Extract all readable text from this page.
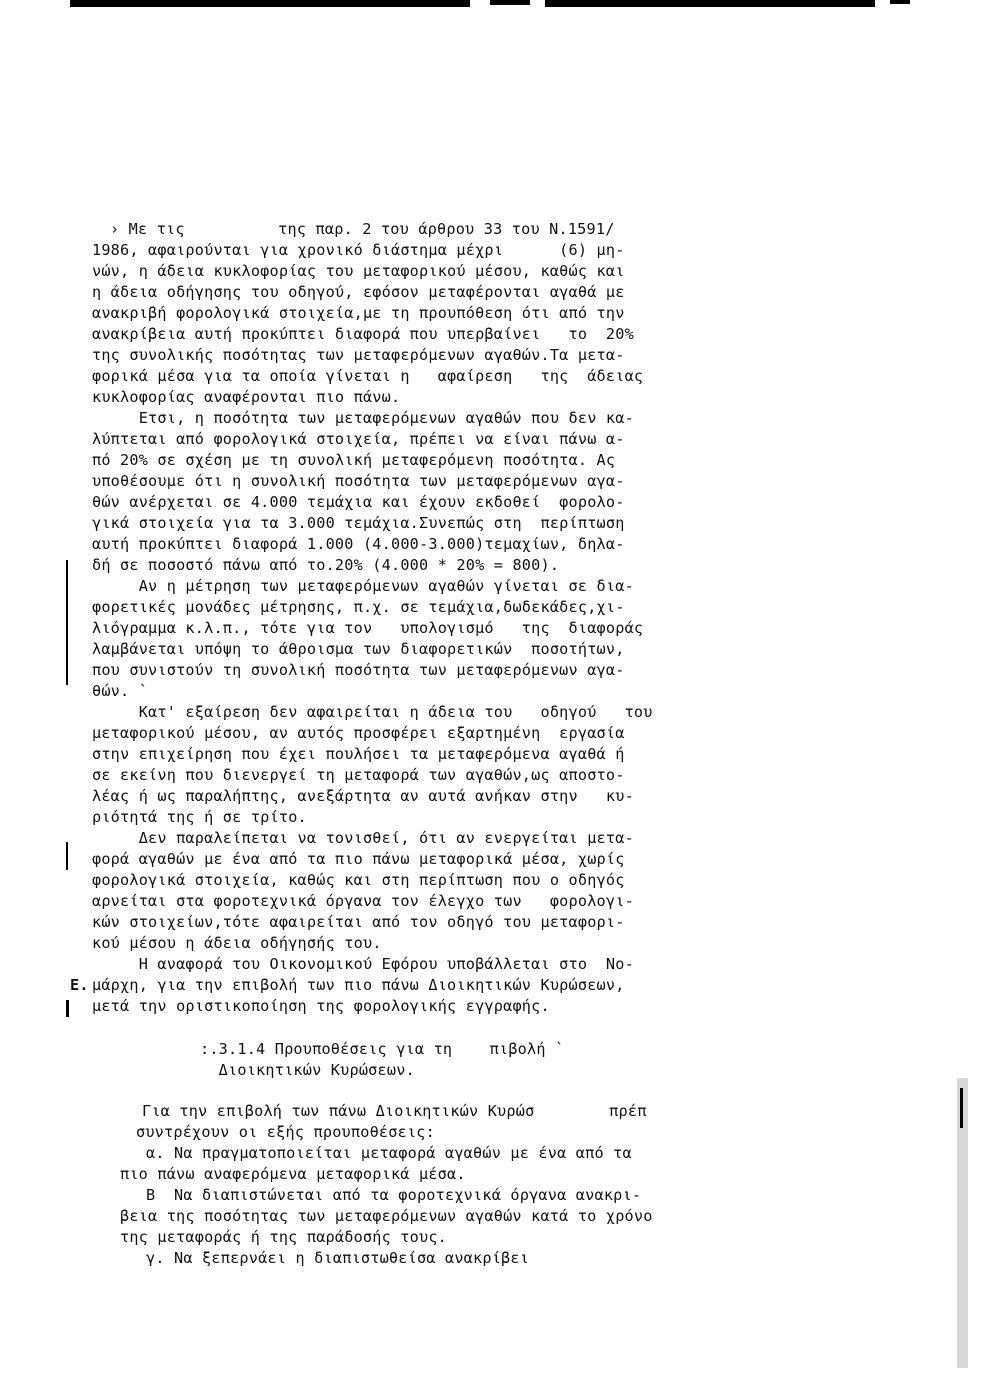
› Με τις          της παρ. 2 του άρθρου 33 του Ν.1591/

1986, αφαιρούνται για χρονικό διάστημα μέχρι      (6) μη-

νών, η άδεια κυκλοφορίας του μεταφορικού μέσου, καθώς και

η άδεια οδήγησης του οδηγού, εφόσον μεταφέρονται αγαθά με

ανακριβή φορολογικά στοιχεία,με τη προυπόθεση ότι από την

ανακρίβεια αυτή προκύπτει διαφορά που υπερβαίνει   το  20%

της συνολικής ποσότητας των μεταφερόμενων αγαθών.Τα μετα-

φορικά μέσα για τα οποία γίνεται η   αφαίρεση   της  άδειας

κυκλοφορίας αναφέρονται πιο πάνω.

Ετσι, η ποσότητα των μεταφερόμενων αγαθών που δεν κα-

λύπτεται από φορολογικά στοιχεία, πρέπει να είναι πάνω α-

πό 20% σε σχέση με τη συνολική μεταφερόμενη ποσότητα. Ας

υποθέσουμε ότι η συνολική ποσότητα των μεταφερόμενων αγα-

θών ανέρχεται σε 4.000 τεμάχια και έχουν εκδοθεί  φορολο-

γικά στοιχεία για τα 3.000 τεμάχια.Συνεπώς στη  περίπτωση

αυτή προκύπτει διαφορά 1.000 (4.000-3.000)τεμαχίων, δηλα-

δή σε ποσοστό πάνω από το.20% (4.000 * 20% = 800).

Αν η μέτρηση των μεταφερόμενων αγαθών γίνεται σε δια-

φορετικές μονάδες μέτρησης, π.χ. σε τεμάχια,δωδεκάδες,χι-

λιόγραμμα κ.λ.π., τότε για τον   υπολογισμό   της  διαφοράς

λαμβάνεται υπόψη το άθροισμα των διαφορετικών  ποσοτήτων,

που συνιστούν τη συνολική ποσότητα των μεταφερόμενων αγα-

θών. `

Κατ' εξαίρεση δεν αφαιρείται η άδεια του   οδηγού   του

μεταφορικού μέσου, αν αυτός προσφέρει εξαρτημένη  εργασία

στην επιχείρηση που έχει πουλήσει τα μεταφερόμενα αγαθά ή

σε εκείνη που διενεργεί τη μεταφορά των αγαθών,ως αποστο-

λέας ή ως παραλήπτης, ανεξάρτητα αν αυτά ανήκαν στην   κυ-

ριότητά της ή σε τρίτο.

Δεν παραλείπεται να τονισθεί, ότι αν ενεργείται μετα-

φορά αγαθών με ένα από τα πιο πάνω μεταφορικά μέσα, χωρίς

φορολογικά στοιχεία, καθώς και στη περίπτωση που ο οδηγός

αρνείται στα φοροτεχνικά όργανα τον έλεγχο των   φορολογι-

κών στοιχείων,τότε αφαιρείται από τον οδηγό του μεταφορι-

κού μέσου η άδεια οδήγησής του.

Η αναφορά του Οικονομικού Εφόρου υποβάλλεται στο  Νο-

Ε. μάρχη, για την επιβολή των πιο πάνω Διοικητικών Κυρώσεων,

μετά την οριστικοποίηση της φορολογικής εγγραφής.

:.3.1.4 Προυποθέσεις για τη    πιβολή `

Διοικητικών Κυρώσεων.

Για την επιβολή των πάνω Διοικητικών Κυρώσ        πρέπ

συντρέχουν οι εξής προυποθέσεις:

α. Να πραγματοποιείται μεταφορά αγαθών με ένα από τα

πιο πάνω αναφερόμενα μεταφορικά μέσα.

Β  Να διαπιστώνεται από τα φοροτεχνικά όργανα ανακρι-

βεια της ποσότητας των μεταφερόμενων αγαθών κατά το χρόνο

της μεταφοράς ή της παράδοσής τους.

γ. Να ξεπερνάει η διαπιστωθείσα ανακρίβει
